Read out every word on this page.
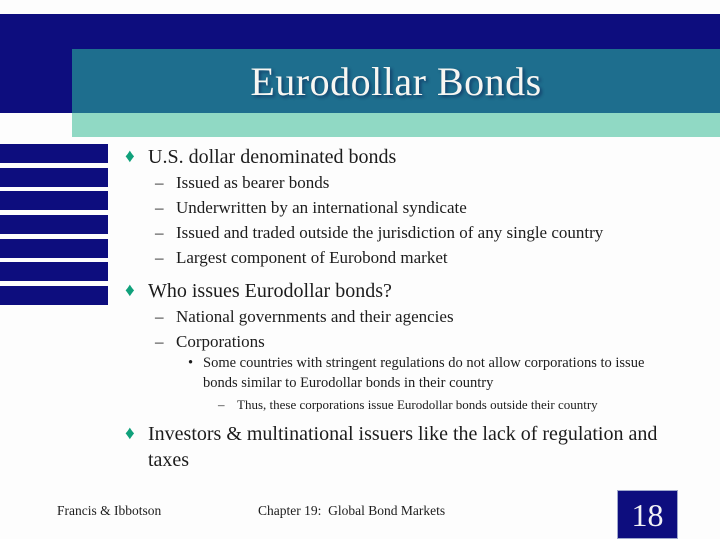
Eurodollar Bonds
♦ U.S. dollar denominated bonds
– Issued as bearer bonds
– Underwritten by an international syndicate
– Issued and traded outside the jurisdiction of any single country
– Largest component of Eurobond market
♦ Who issues Eurodollar bonds?
– National governments and their agencies
– Corporations
• Some countries with stringent regulations do not allow corporations to issue bonds similar to Eurodollar bonds in their country
– Thus, these corporations issue Eurodollar bonds outside their country
♦ Investors & multinational issuers like the lack of regulation and taxes
Francis & Ibbotson	Chapter 19:  Global Bond Markets	18
